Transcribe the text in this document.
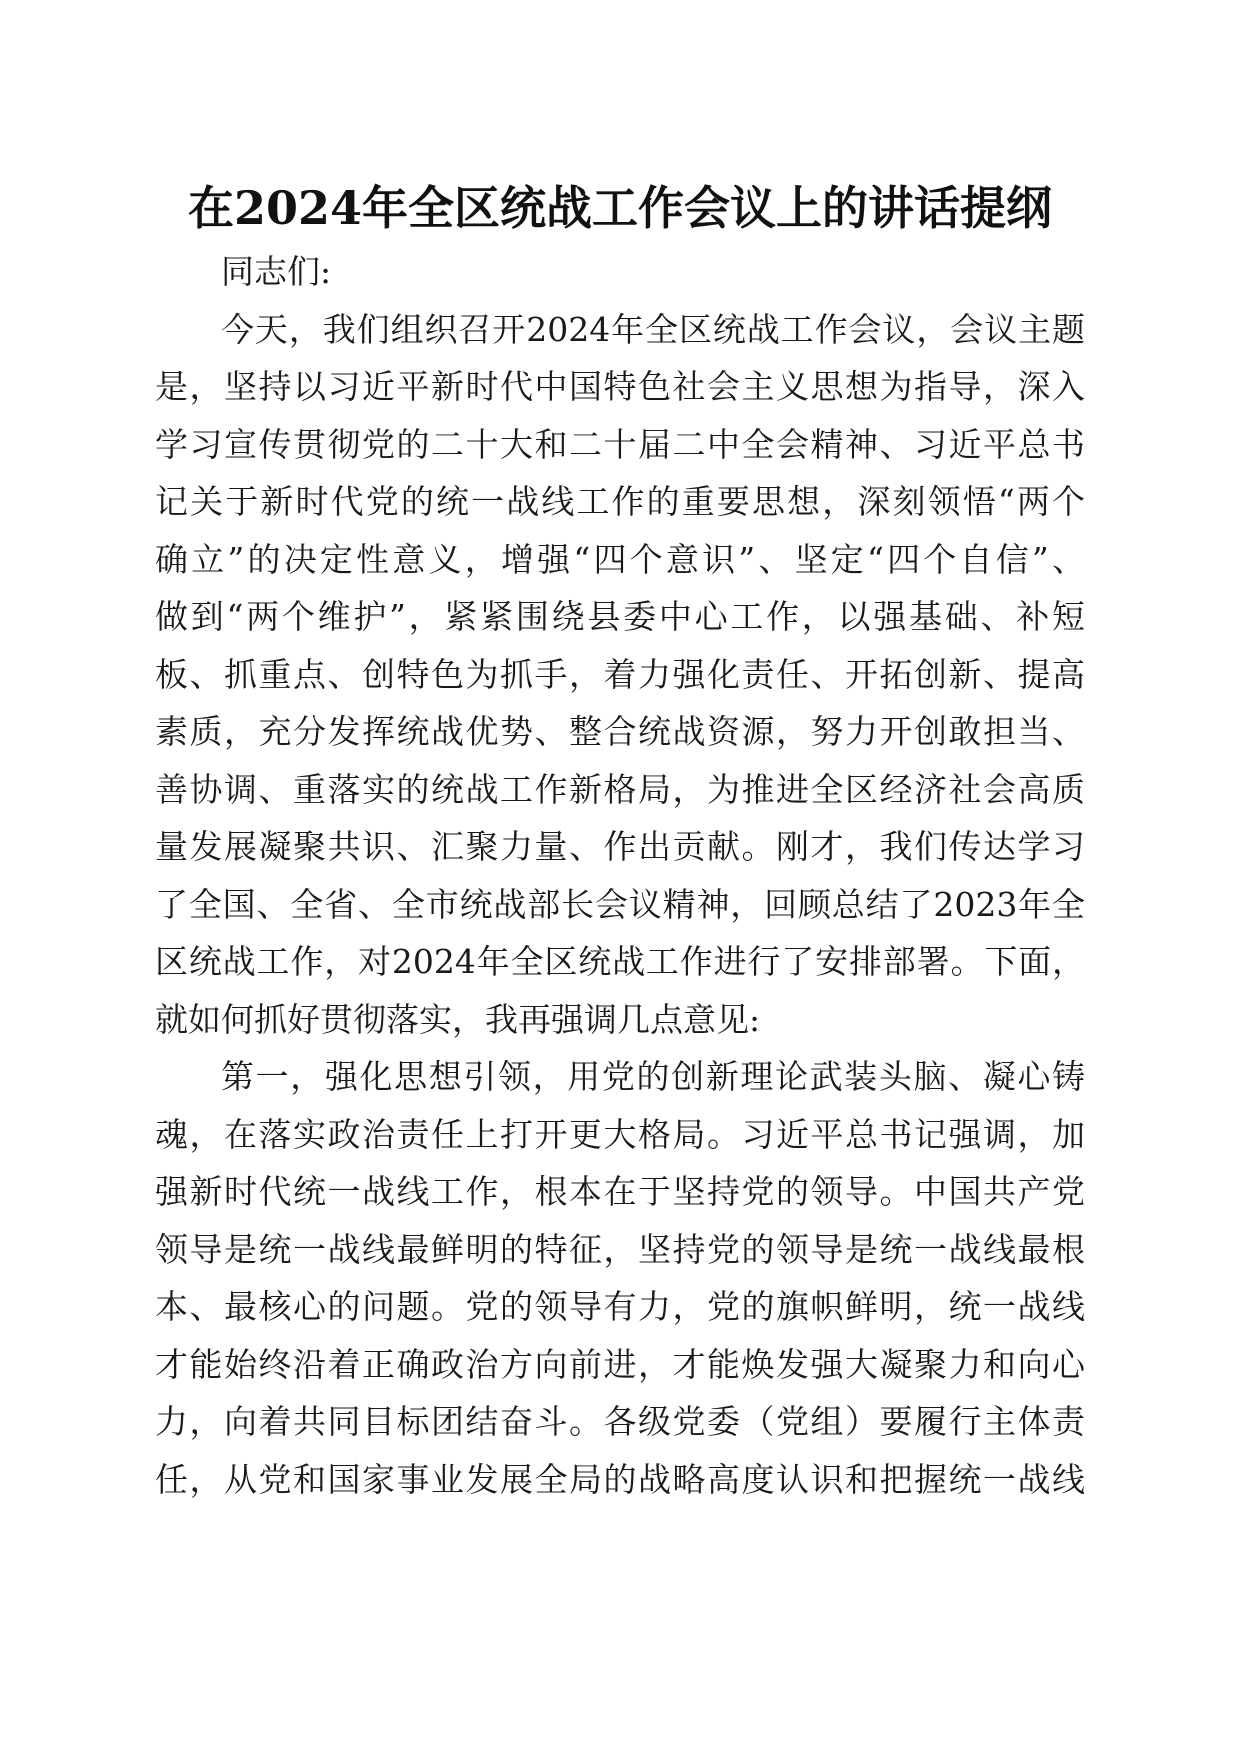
在2024年全区统战工作会议上的讲话提纲
同志们:
今天，我们组织召开2024年全区统战工作会议，会议主题
是，坚持以习近平新时代中国特色社会主义思想为指导，深入
学习宣传贯彻党的二十大和二十届二中全会精神、习近平总书
记关于新时代党的统一战线工作的重要思想，深刻领悟“两个
确立”的决定性意义，增强“四个意识”、坚定“四个自信”、
做到“两个维护”，紧紧围绕县委中心工作，以强基础、补短
板、抓重点、创特色为抓手，着力强化责任、开拓创新、提高
素质，充分发挥统战优势、整合统战资源，努力开创敢担当、
善协调、重落实的统战工作新格局，为推进全区经济社会高质
量发展凝聚共识、汇聚力量、作出贡献。刚才，我们传达学习
了全国、全省、全市统战部长会议精神，回顾总结了2023年全
区统战工作，对2024年全区统战工作进行了安排部署。下面，
就如何抓好贯彻落实，我再强调几点意见:
第一，强化思想引领，用党的创新理论武装头脑、凝心铸
魂，在落实政治责任上打开更大格局。习近平总书记强调，加
强新时代统一战线工作，根本在于坚持党的领导。中国共产党
领导是统一战线最鲜明的特征，坚持党的领导是统一战线最根
本、最核心的问题。党的领导有力，党的旗帜鲜明，统一战线
才能始终沿着正确政治方向前进，才能焕发强大凝聚力和向心
力，向着共同目标团结奋斗。各级党委（党组）要履行主体责
任，从党和国家事业发展全局的战略高度认识和把握统一战线
